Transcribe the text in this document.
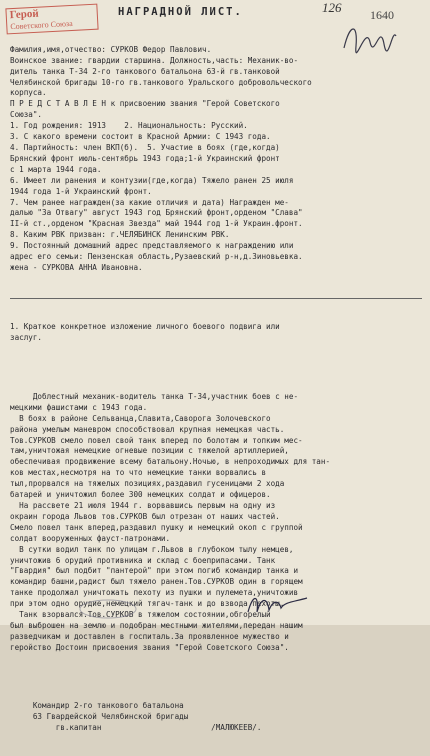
Герой
Советского Союза
НАГРАДНОЙ ЛИСТ.	126 1640

Фамилия,имя,отчество: СУРКОВ Федор Павлович.

Воинское звание: гвардии старшина. Должность,часть: Механик-во-

дитель танка Т-34 2-го танкового батальона 63-й гв.танковой

Челябинской бригады 10-го гв.танкового Уральского добровольческого

корпуса.

П Р Е Д С Т А В Л Е Н к присвоению звания "Герой Советского

Союза".

1. Год рождения: 1913    2. Национальность: Русский.

3. С какого времени состоит в Красной Армии: С 1943 года.

4. Партийность: член ВКП(б).  5. Участие в боях (где,когда)

Брянский фронт июль-сентябрь 1943 года;1-й Украинский фронт

с 1 марта 1944 года.

6. Имеет ли ранения и контузии(где,когда) Тяжело ранен 25 июля

1944 года 1-й Украинский фронт.

7. Чем ранее награжден(за какие отличия и дата) Награжден ме-

далью "За Отвагу" август 1943 год Брянский фронт,орденом "Слава"

II-й ст.,орденом "Красная Звезда" май 1944 год 1-й Украин.фронт.

8. Каким РВК призван: г.ЧЕЛЯБИНСК Ленинским РВК.

9. Постоянный домашний адрес представляемого к награждению или

адрес его семьи: Пензенская область,Рузаевский р-н,д.Зиновьевка.

жена - СУРКОВА АННА Ивановна.

1. Краткое конкретное изложение личного боевого подвига или

заслуг.

Доблестный механик-водитель танка Т-34,участник боев с не-

мецкими фашистами с 1943 года.

В боях в районе Сельванца,Славита,Саворога Золочевского

района умелым маневром способствовал крупная немецкая часть.

Тов.СУРКОВ смело повел свой танк вперед по болотам и топким мес-

там,уничтожая немецкие огневые позиции с тяжелой артиллерией,

обеспечивая продвижение всему батальону.Ночью, в непроходимых для тан-

ков местах,несмотря на то что немецкие танки ворвались в

тыл,прорвался на тяжелых позициях,раздавил гусеницами 2 хода

батарей и уничтожил более 300 немецких солдат и офицеров.

На рассвете 21 июля 1944 г. ворвавшись первым на одну из

окраин города Львов тов.СУРКОВ был отрезан от наших частей.

Смело повел танк вперед,раздавил пушку и немецкий окоп с группой

солдат вооруженных фауст-патронами.

В сутки водил танк по улицам г.Львов в глубоком тылу немцев,

уничтожив 6 орудий противника и склад с боеприпасами. Танк

"Гвардия" был подбит "пантерой" при этом погиб командир танка и

командир башни,радист был тяжело ранен.Тов.СУРКОВ один в горящем

танке продолжал уничтожать пехоту из пушки и пулемета,уничтожив

при этом одно орудие,немецкий тягач-танк и до взвода пехоты.

Танк взорвался.Тов.СУРКОВ в тяжелом состоянии,обгорелый

был выброшен на землю и подобран местными жителями,передан нашим

разведчикам и доставлен в госпиталь.За проявленное мужество и

геройство Достоин присвоения звания "Герой Советского Союза".

Командир 2-го танкового батальона

63 Гвардейской Челябинской бригады

гв.капитан                        /МАЛЮКЕЕВ/.
